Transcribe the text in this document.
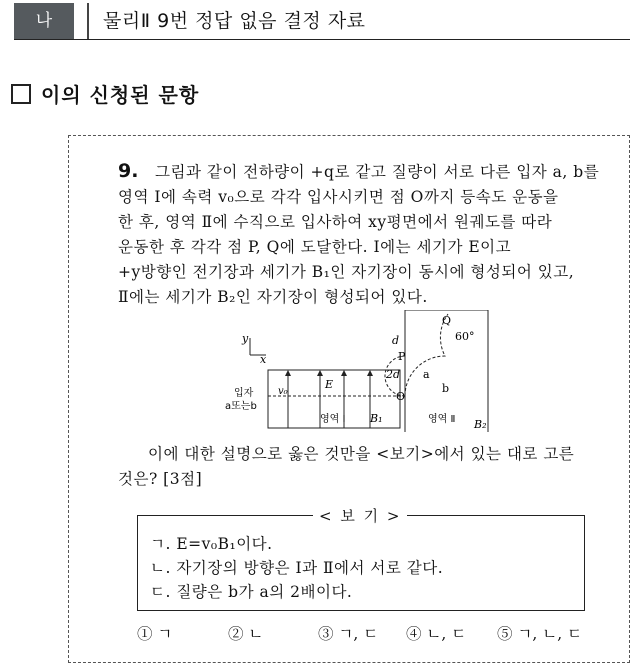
나	물리Ⅱ 9번 정답 없음 결정 자료
이의 신청된 문항
9. 그림과 같이 전하량이 +q로 같고 질량이 서로 다른 입자 a, b를

영역 Ⅰ에 속력 v₀으로 각각 입사시키면 점 O까지 등속도 운동을

한 후, 영역 Ⅱ에 수직으로 입사하여 xy평면에서 원궤도를 따라

운동한 후 각각 점 P, Q에 도달한다. Ⅰ에는 세기가 E이고

+y방향인 전기장과 세기가 B₁인 자기장이 동시에 형성되어 있고,

Ⅱ에는 세기가 B₂인 자기장이 형성되어 있다.

y
x
E
입자
a또는b
v₀
영역 Ⅰ B₁
d
2d
P
O
a
b
Q
60°
영역 Ⅱ B₂

이에 대한 설명으로 옳은 것만을 <보기>에서 있는 대로 고른

것은? [3점]

< 보 기 >
ㄱ. E=v₀B₁이다.
ㄴ. 자기장의 방향은 Ⅰ과 Ⅱ에서 서로 같다.
ㄷ. 질량은 b가 a의 2배이다.
① ㄱ	② ㄴ	③ ㄱ, ㄷ ④ ㄴ, ㄷ ⑤ ㄱ, ㄴ, ㄷ
